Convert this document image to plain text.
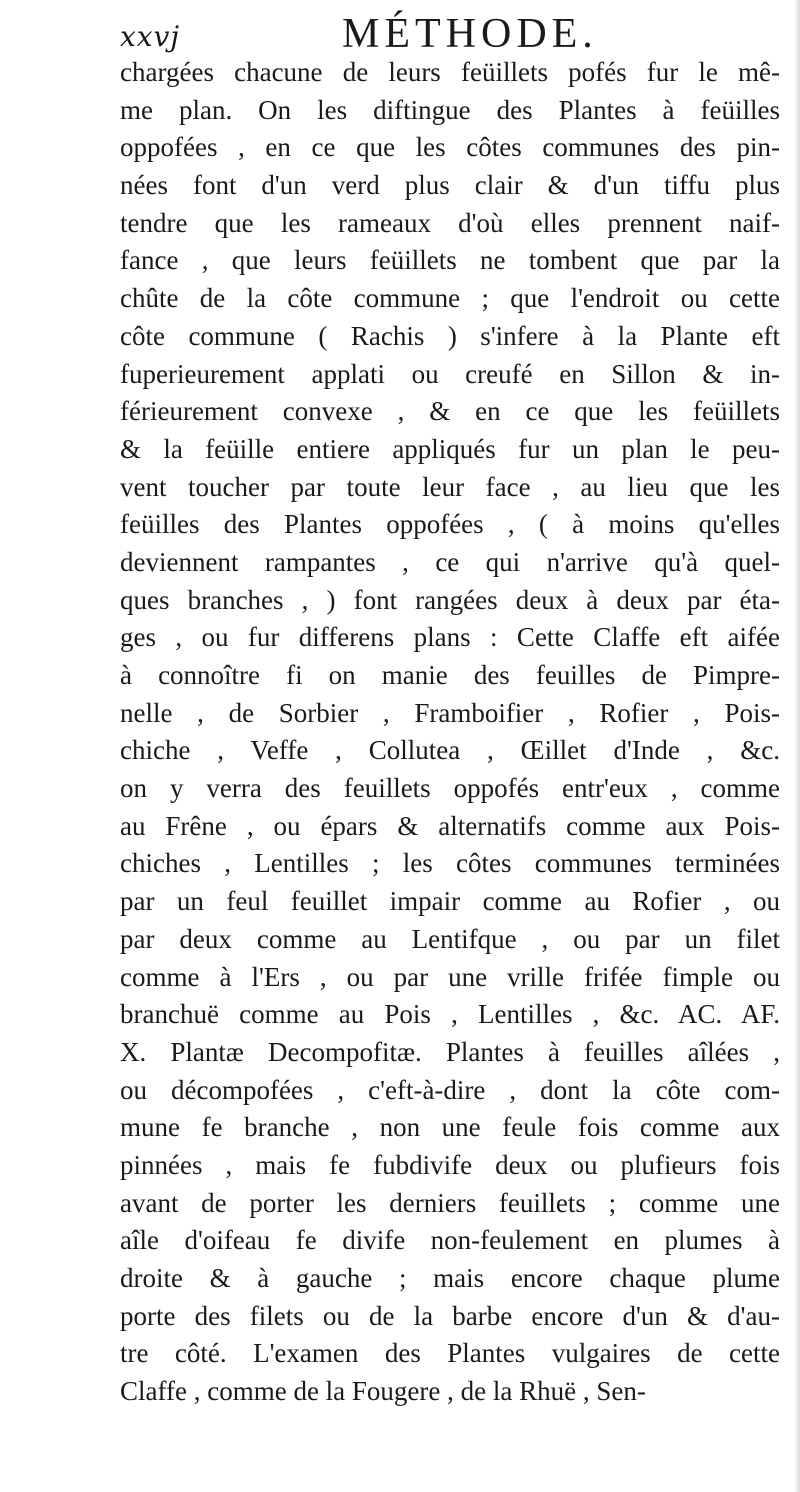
xxvj	MÉTHODE.
chargées chacune de leurs feüillets pofés fur le mê-
me plan. On les diftingue des Plantes à feüilles
oppofées , en ce que les côtes communes des pin-
nées font d'un verd plus clair & d'un tiffu plus
tendre que les rameaux d'où elles prennent naif-
fance , que leurs feüillets ne tombent que par la
chûte de la côte commune ; que l'endroit ou cette
côte commune ( Rachis ) s'infere à la Plante eft
fuperieurement applati ou creufé en Sillon & in-
férieurement convexe , & en ce que les feüillets
& la feüille entiere appliqués fur un plan le peu-
vent toucher par toute leur face , au lieu que les
feüilles des Plantes oppofées , ( à moins qu'elles
deviennent rampantes , ce qui n'arrive qu'à quel-
ques branches , ) font rangées deux à deux par éta-
ges , ou fur differens plans : Cette Claffe eft aifée
à connoître fi on manie des feuilles de Pimpre-
nelle , de Sorbier , Framboifier , Rofier , Pois-
chiche , Veffe , Collutea , Œillet d'Inde , &c.
on y verra des feuillets oppofés entr'eux , comme
au Frêne , ou épars & alternatifs comme aux Pois-
chiches , Lentilles ; les côtes communes terminées
par un feul feuillet impair comme au Rofier , ou
par deux comme au Lentifque , ou par un filet
comme à l'Ers , ou par une vrille frifée fimple ou
branchuë comme au Pois , Lentilles , &c. AC. AF.
X. Plantæ Decompofitæ. Plantes à feuilles aîlées ,
ou décompofées , c'eft-à-dire , dont la côte com-
mune fe branche , non une feule fois comme aux
pinnées , mais fe fubdivife deux ou plufieurs fois
avant de porter les derniers feuillets ; comme une
aîle d'oifeau fe divife non-feulement en plumes à
droite & à gauche ; mais encore chaque plume
porte des filets ou de la barbe encore d'un & d'au-
tre côté. L'examen des Plantes vulgaires de cette
Claffe , comme de la Fougere , de la Rhuë , Sen-
